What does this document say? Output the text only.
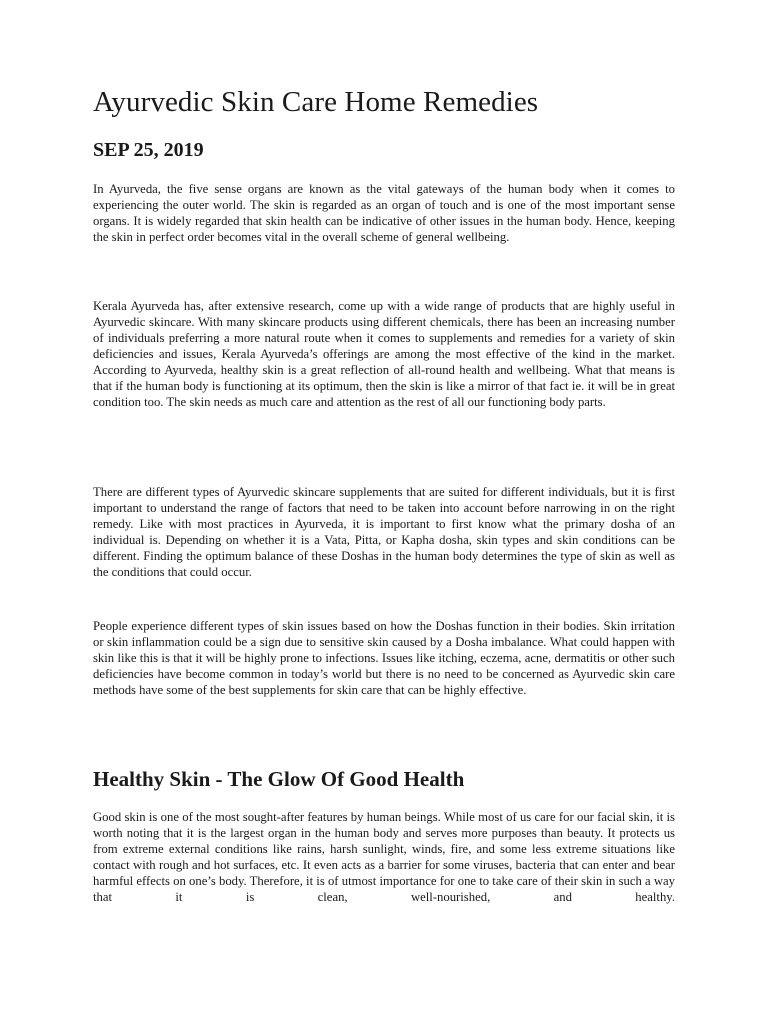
Ayurvedic Skin Care Home Remedies
SEP 25, 2019

In Ayurveda, the five sense organs are known as the vital gateways of the human body when it comes to experiencing the outer world. The skin is regarded as an organ of touch and is one of the most important sense organs. It is widely regarded that skin health can be indicative of other issues in the human body. Hence, keeping the skin in perfect order becomes vital in the overall scheme of general wellbeing.

Kerala Ayurveda has, after extensive research, come up with a wide range of products that are highly useful in Ayurvedic skincare. With many skincare products using different chemicals, there has been an increasing number of individuals preferring a more natural route when it comes to supplements and remedies for a variety of skin deficiencies and issues, Kerala Ayurveda’s offerings are among the most effective of the kind in the market. According to Ayurveda, healthy skin is a great reflection of all-round health and wellbeing. What that means is that if the human body is functioning at its optimum, then the skin is like a mirror of that fact ie. it will be in great condition too. The skin needs as much care and attention as the rest of all our functioning body parts.

There are different types of Ayurvedic skincare supplements that are suited for different individuals, but it is first important to understand the range of factors that need to be taken into account before narrowing in on the right remedy. Like with most practices in Ayurveda, it is important to first know what the primary dosha of an individual is. Depending on whether it is a Vata, Pitta, or Kapha dosha, skin types and skin conditions can be different. Finding the optimum balance of these Doshas in the human body determines the type of skin as well as the conditions that could occur.

People experience different types of skin issues based on how the Doshas function in their bodies. Skin irritation or skin inflammation could be a sign due to sensitive skin caused by a Dosha imbalance. What could happen with skin like this is that it will be highly prone to infections. Issues like itching, eczema, acne, dermatitis or other such deficiencies have become common in today’s world but there is no need to be concerned as Ayurvedic skin care methods have some of the best supplements for skin care that can be highly effective.

Healthy Skin - The Glow Of Good Health

Good skin is one of the most sought-after features by human beings. While most of us care for our facial skin, it is worth noting that it is the largest organ in the human body and serves more purposes than beauty. It protects us from extreme external conditions like rains, harsh sunlight, winds, fire, and some less extreme situations like contact with rough and hot surfaces, etc. It even acts as a barrier for some viruses, bacteria that can enter and bear harmful effects on one’s body. Therefore, it is of utmost importance for one to take care of their skin in such a way that it is clean, well-nourished, and healthy.
